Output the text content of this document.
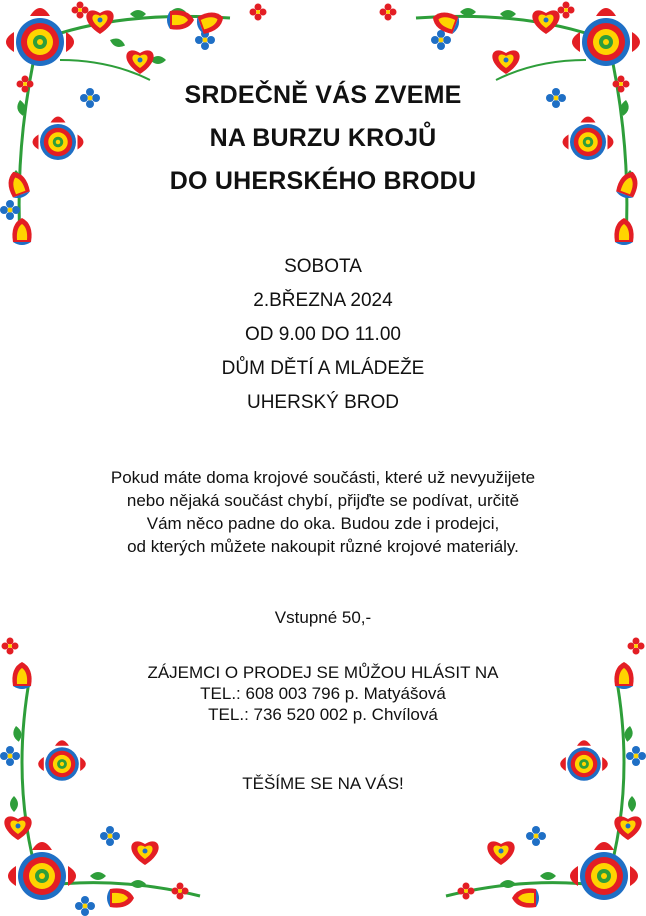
SRDEČNĚ VÁS ZVEME
NA BURZU KROJŮ
DO UHERSKÉHO BRODU
SOBOTA
2.BŘEZNA 2024
OD 9.00 DO 11.00
DŮM DĚTÍ A MLÁDEŽE
UHERSKÝ BROD
Pokud máte doma krojové součásti, které už nevyužijete
nebo nějaká součást chybí, přijďte se podívat, určitě
Vám něco padne do oka. Budou zde i prodejci,
od kterých můžete nakoupit různé krojové materiály.
Vstupné 50,-
ZÁJEMCI O PRODEJ SE MŮŽOU HLÁSIT NA
TEL.: 608 003 796 p. Matyášová
TEL.: 736 520 002 p. Chvílová
TĚŠÍME SE NA VÁS!
